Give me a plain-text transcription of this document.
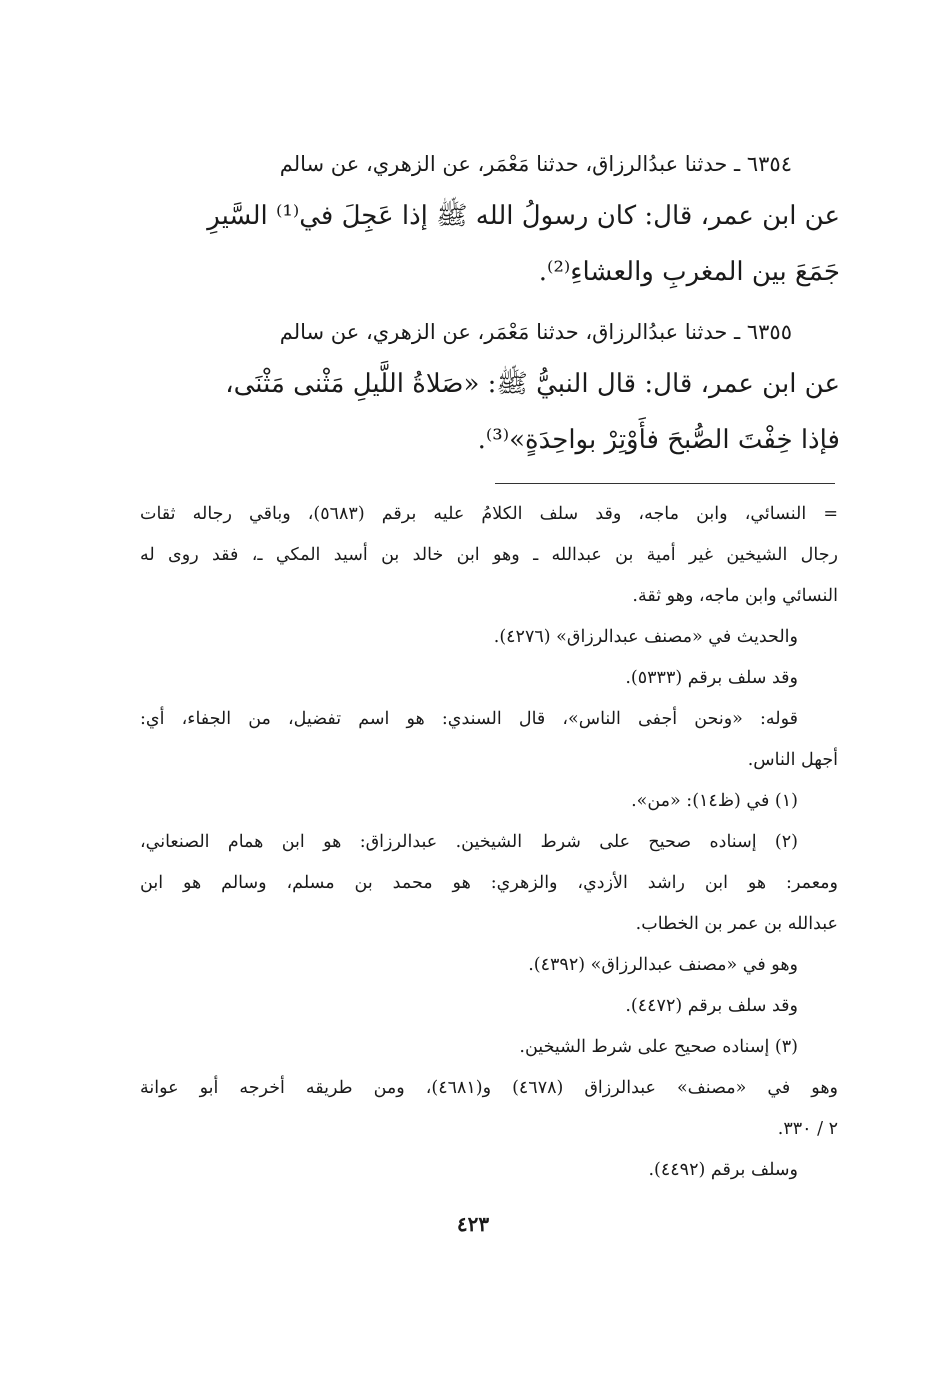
٦٣٥٤ ـ حدثنا عبدُالرزاق، حدثنا مَعْمَر، عن الزهري، عن سالم
عن ابن عمر، قال: كان رسولُ الله ﷺ إذا عَجِلَ في⁽¹⁾ السَّيرِ
جَمَعَ بين المغربِ والعشاءِ⁽²⁾.
٦٣٥٥ ـ حدثنا عبدُالرزاق، حدثنا مَعْمَر، عن الزهري، عن سالم
عن ابن عمر، قال: قال النبيُّ ﷺ: «صَلاةُ اللَّيلِ مَثْنى مَثْنَى،
فإذا خِفْتَ الصُّبحَ فأَوْتِرْ بواحِدَةٍ»⁽³⁾.
= النسائي، وابن ماجه، وقد سلف الكلامُ عليه برقم (٥٦٨٣)، وباقي رجاله ثقات
رجال الشيخين غير أمية بن عبدالله ـ وهو ابن خالد بن أسيد المكي ـ، فقد روى له
النسائي وابن ماجه، وهو ثقة.
والحديث في «مصنف عبدالرزاق» (٤٢٧٦).
وقد سلف برقم (٥٣٣٣).
قوله: «ونحن أجفى الناس»، قال السندي: هو اسم تفضيل، من الجفاء، أي:
أجهل الناس.
(١) في (ظ١٤): «من».
(٢) إسناده صحيح على شرط الشيخين. عبدالرزاق: هو ابن همام الصنعاني،
ومعمر: هو ابن راشد الأزدي، والزهري: هو محمد بن مسلم، وسالم هو ابن
عبدالله بن عمر بن الخطاب.
وهو في «مصنف عبدالرزاق» (٤٣٩٢).
وقد سلف برقم (٤٤٧٢).
(٣) إسناده صحيح على شرط الشيخين.
وهو في «مصنف» عبدالرزاق (٤٦٧٨) و(٤٦٨١)، ومن طريقه أخرجه أبو عوانة
٢ / ٣٣٠.
وسلف برقم (٤٤٩٢).
٤٢٣
